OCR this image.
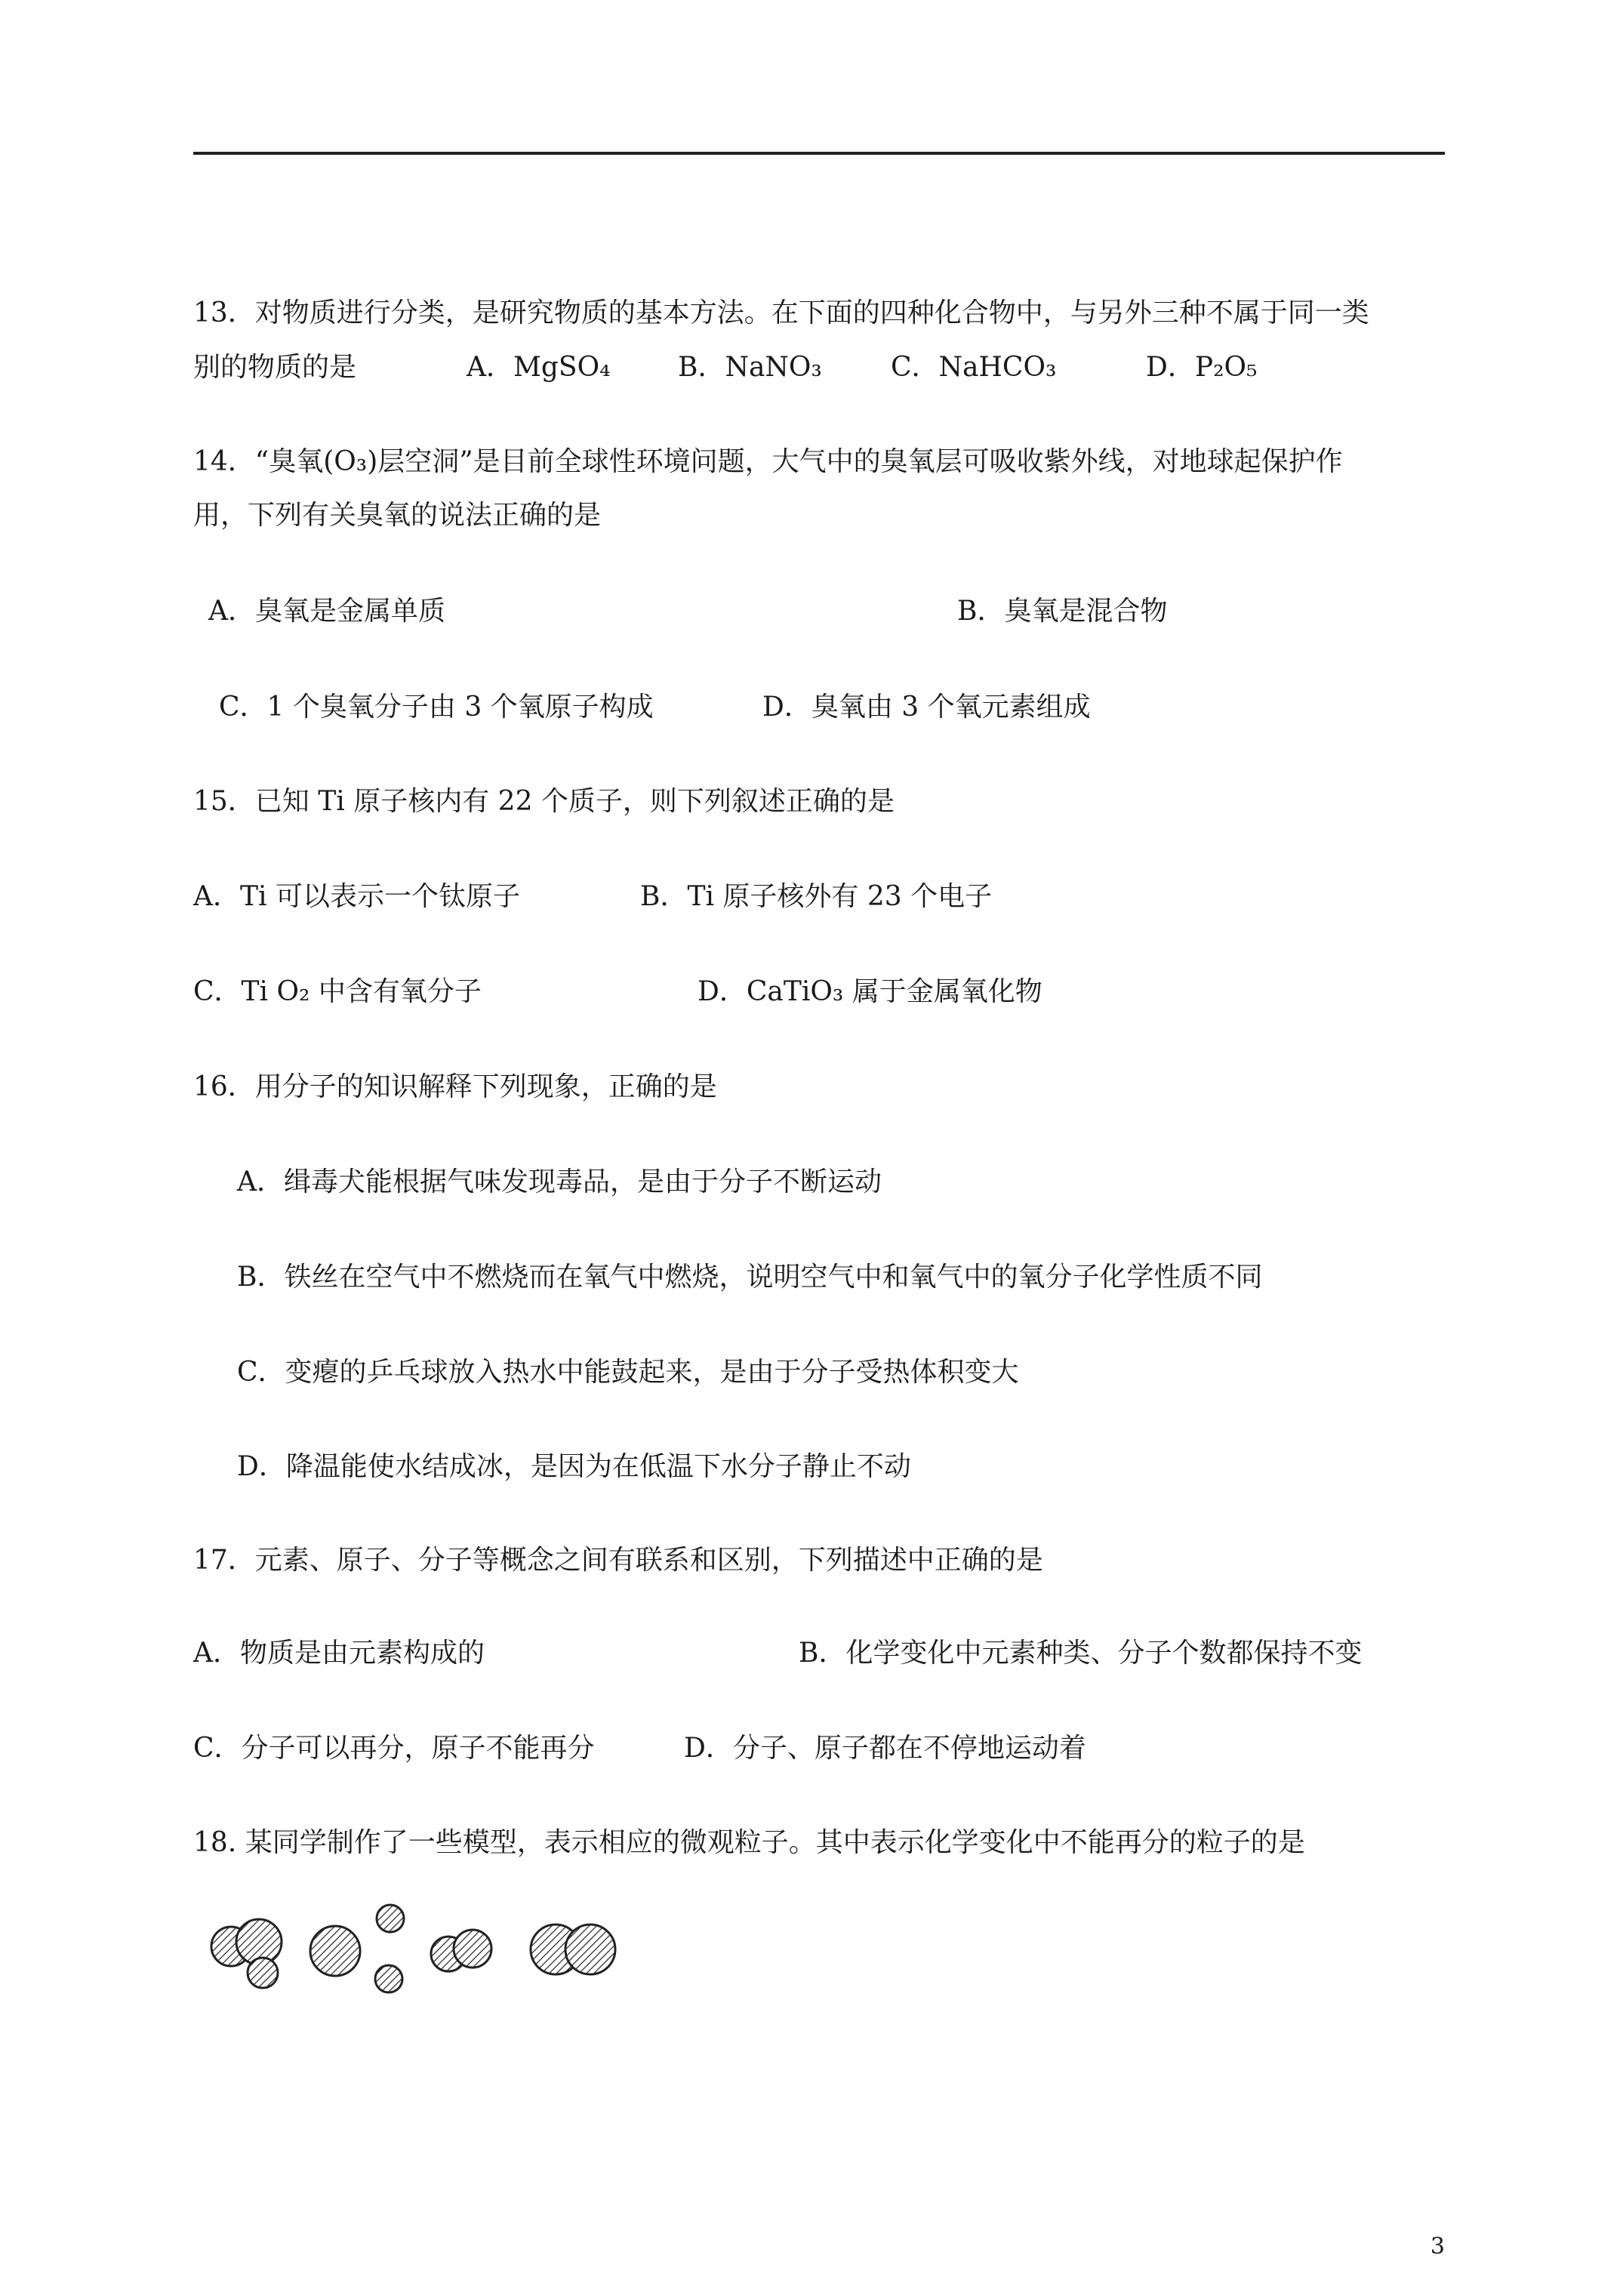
13．对物质进行分类，是研究物质的基本方法。在下面的四种化合物中，与另外三种不属于同一类
别的物质的是	A．MgSO₄ B．NaNO₃	C．NaHCO₃	D．P₂O₅
14．“臭氧(O₃)层空洞”是目前全球性环境问题，大气中的臭氧层可吸收紫外线，对地球起保护作
用，下列有关臭氧的说法正确的是
A．臭氧是金属单质	B．臭氧是混合物
C．1 个臭氧分子由 3 个氧原子构成	D．臭氧由 3 个氧元素组成
15．已知 Ti 原子核内有 22 个质子，则下列叙述正确的是
A．Ti 可以表示一个钛原子	B．Ti 原子核外有 23 个电子
C．Ti O₂ 中含有氧分子	D．CaTiO₃ 属于金属氧化物
16．用分子的知识解释下列现象，正确的是
A．缉毒犬能根据气味发现毒品，是由于分子不断运动
B．铁丝在空气中不燃烧而在氧气中燃烧，说明空气中和氧气中的氧分子化学性质不同
C．变瘪的乒乓球放入热水中能鼓起来，是由于分子受热体积变大
D．降温能使水结成冰，是因为在低温下水分子静止不动
17．元素、原子、分子等概念之间有联系和区别，下列描述中正确的是
A．物质是由元素构成的	B．化学变化中元素种类、分子个数都保持不变
C．分子可以再分，原子不能再分	D．分子、原子都在不停地运动着
18. 某同学制作了一些模型，表示相应的微观粒子。其中表示化学变化中不能再分的粒子的是
3
